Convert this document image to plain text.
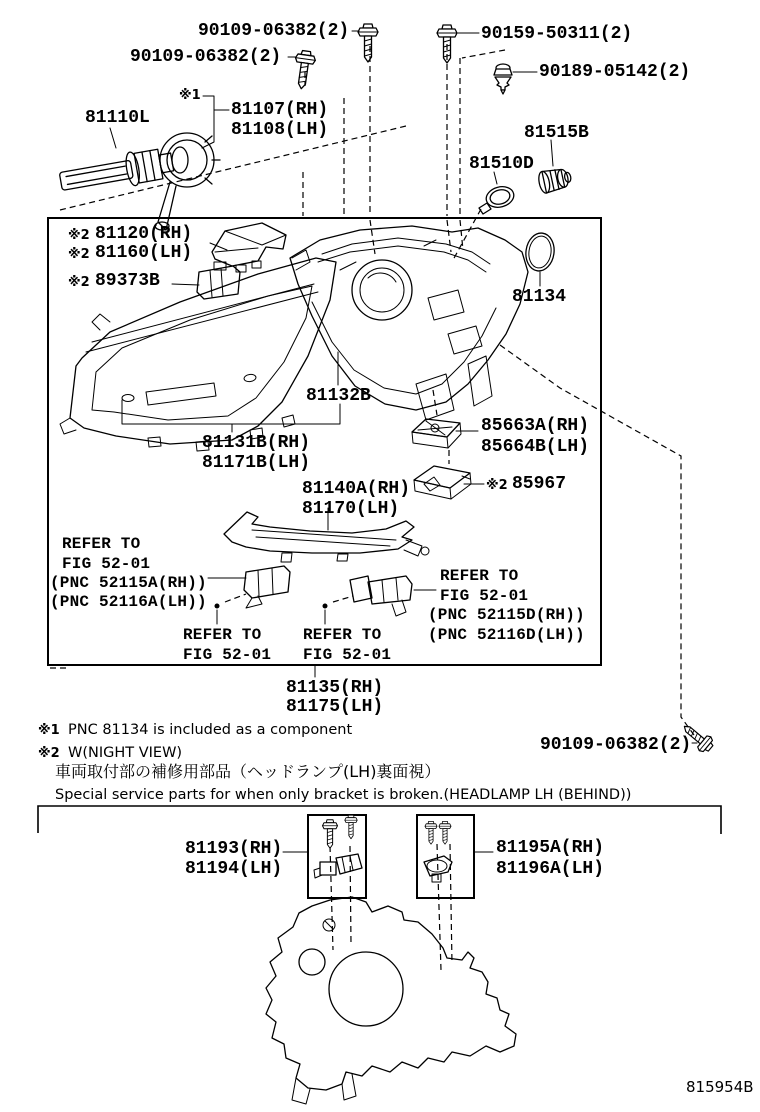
90109-06382(2)	90159-50311(2)
90109-06382(2)
90189-05142(2)
81110L
※1
81107(RH)
81108(LH)	81515B
81510D
※2 81120(RH)
※2 81160(LH)
※2 89373B
81134
81132B
81131B(RH)
81171B(LH)
85663A(RH)
85664B(LH)
81140A(RH)
81170(LH)
※2 85967
REFER TO
FIG 52-01
(PNC 52115A(RH))
(PNC 52116A(LH))
REFER TO
FIG 52-01
REFER TO
FIG 52-01
REFER TO
FIG 52-01
(PNC 52115D(RH))
(PNC 52116D(LH))
81135(RH)
81175(LH)
※1 PNC 81134 is included as a component
※2 W(NIGHT VIEW)	90109-06382(2)
車両取付部の補修用部品（ヘッドランプ(LH)裏面視）
Special service parts for when only bracket is broken.(HEADLAMP LH (BEHIND))
81193(RH)
81194(LH)
81195A(RH)
81196A(LH)
815954B
